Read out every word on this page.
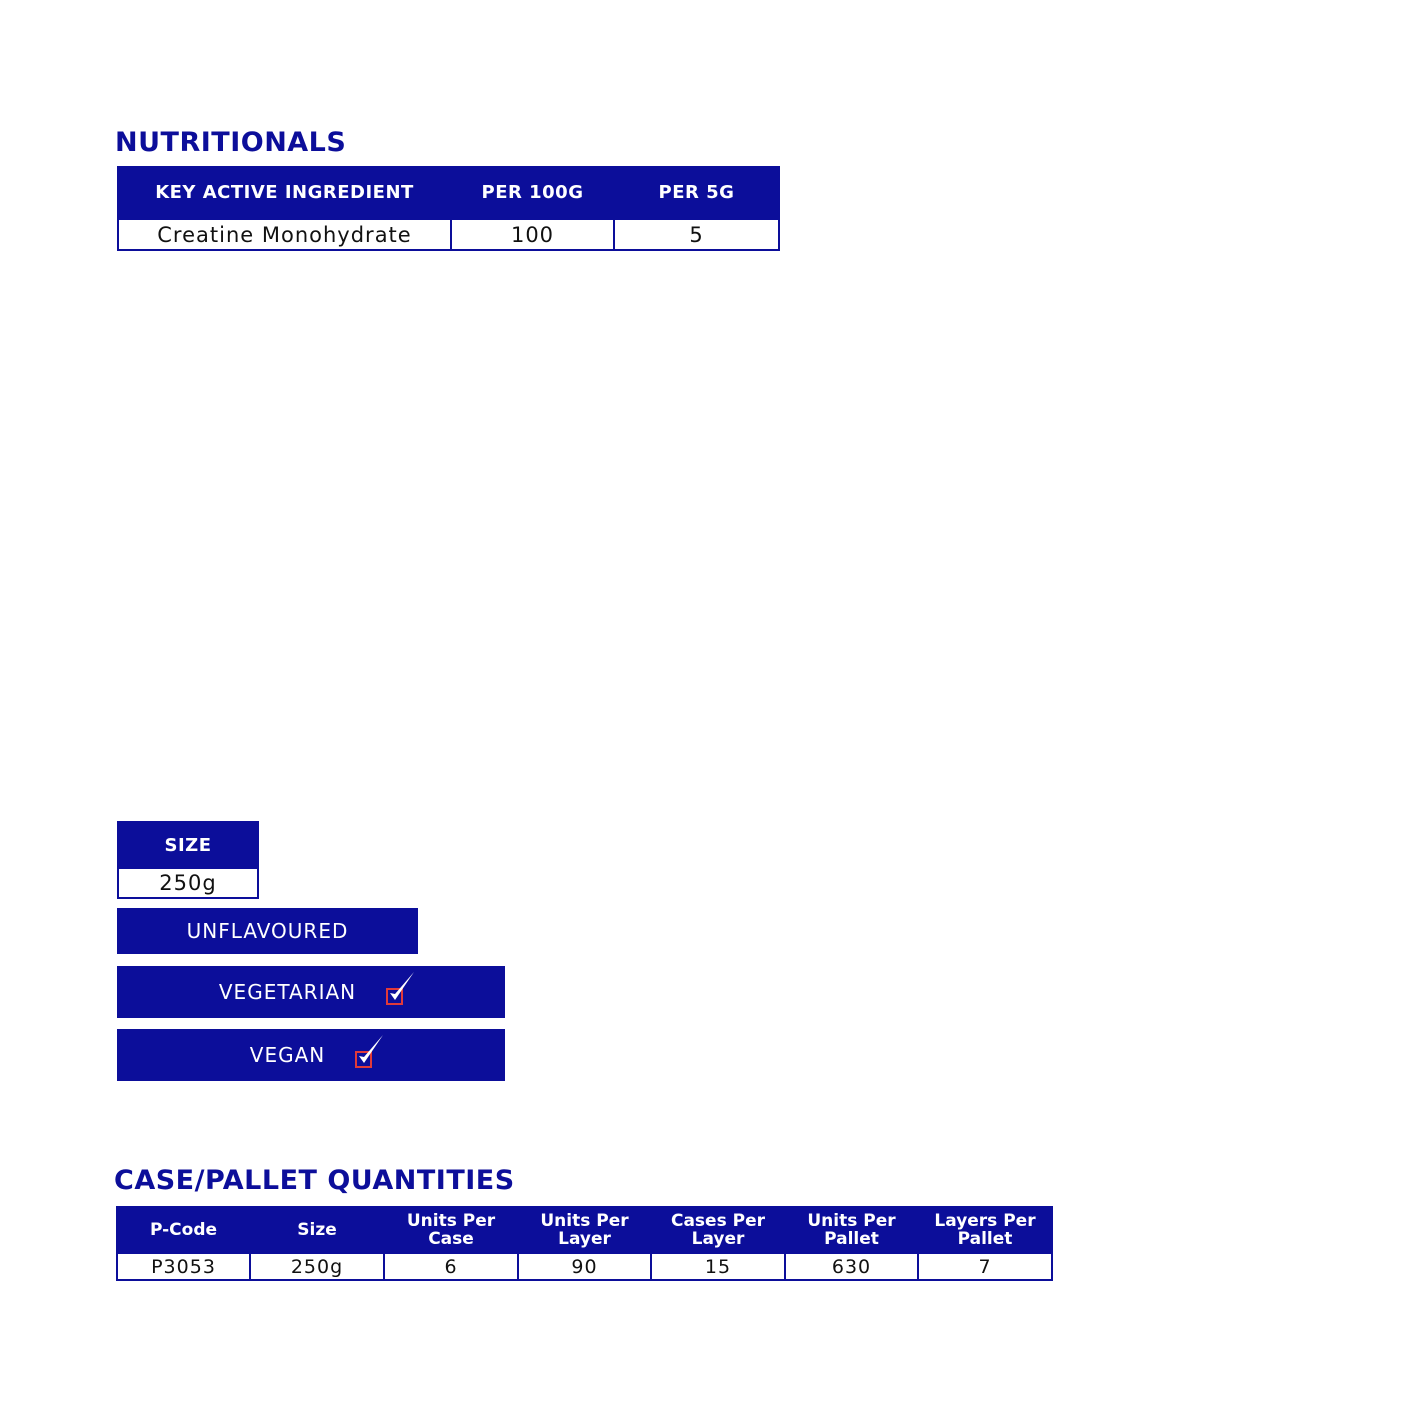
NUTRITIONALS
KEY ACTIVE INGREDIENT	PER 100G	PER 5G
Creatine Monohydrate	100	5
SIZE
250g
UNFLAVOURED
VEGETARIAN
VEGAN
CASE/PALLET QUANTITIES
P-Code	Size	Units Per Case	Units Per Layer	Cases Per Layer	Units Per Pallet	Layers Per Pallet
P3053	250g	6	90	15	630	7
